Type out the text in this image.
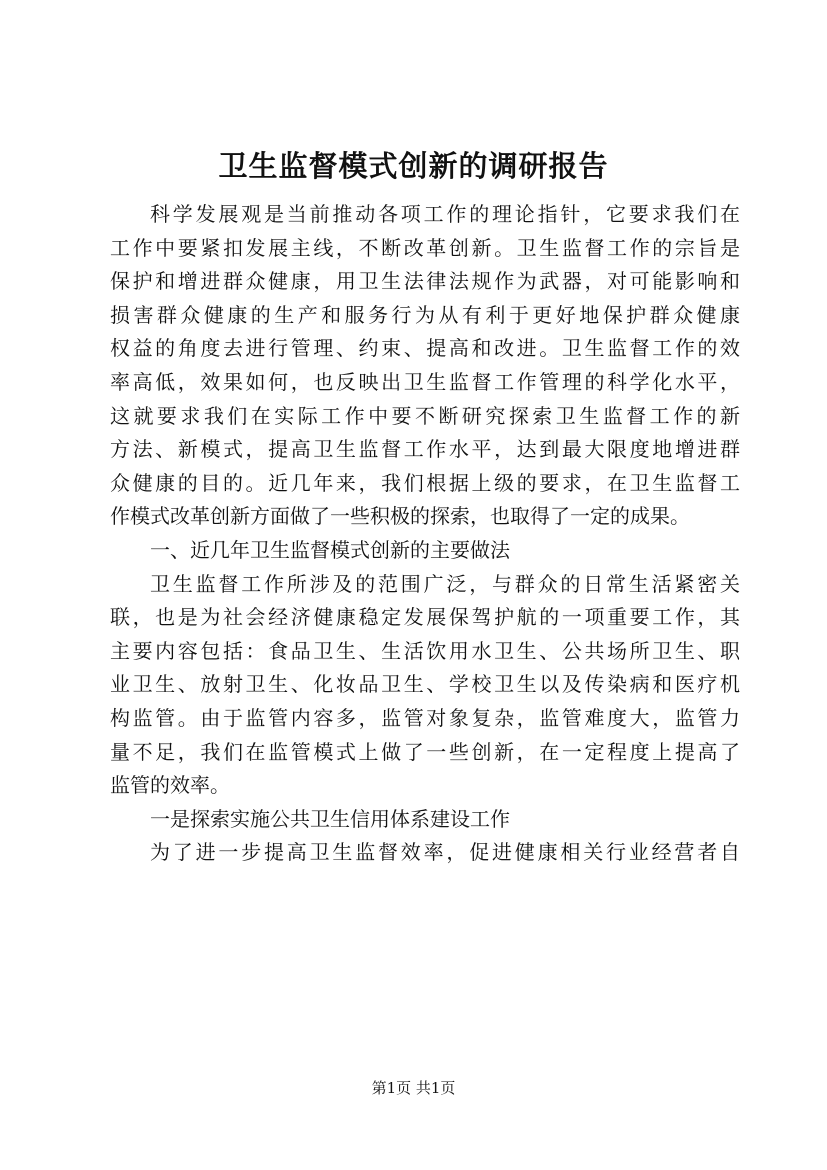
卫生监督模式创新的调研报告
科学发展观是当前推动各项工作的理论指针，它要求我们在
工作中要紧扣发展主线，不断改革创新。卫生监督工作的宗旨是
保护和增进群众健康，用卫生法律法规作为武器，对可能影响和
损害群众健康的生产和服务行为从有利于更好地保护群众健康
权益的角度去进行管理、约束、提高和改进。卫生监督工作的效
率高低，效果如何，也反映出卫生监督工作管理的科学化水平，
这就要求我们在实际工作中要不断研究探索卫生监督工作的新
方法、新模式，提高卫生监督工作水平，达到最大限度地增进群
众健康的目的。近几年来，我们根据上级的要求，在卫生监督工
作模式改革创新方面做了一些积极的探索，也取得了一定的成果。
一、近几年卫生监督模式创新的主要做法
卫生监督工作所涉及的范围广泛，与群众的日常生活紧密关
联，也是为社会经济健康稳定发展保驾护航的一项重要工作，其
主要内容包括：食品卫生、生活饮用水卫生、公共场所卫生、职
业卫生、放射卫生、化妆品卫生、学校卫生以及传染病和医疗机
构监管。由于监管内容多，监管对象复杂，监管难度大，监管力
量不足，我们在监管模式上做了一些创新，在一定程度上提高了
监管的效率。
一是探索实施公共卫生信用体系建设工作
为了进一步提高卫生监督效率，促进健康相关行业经营者自
第1页 共1页
